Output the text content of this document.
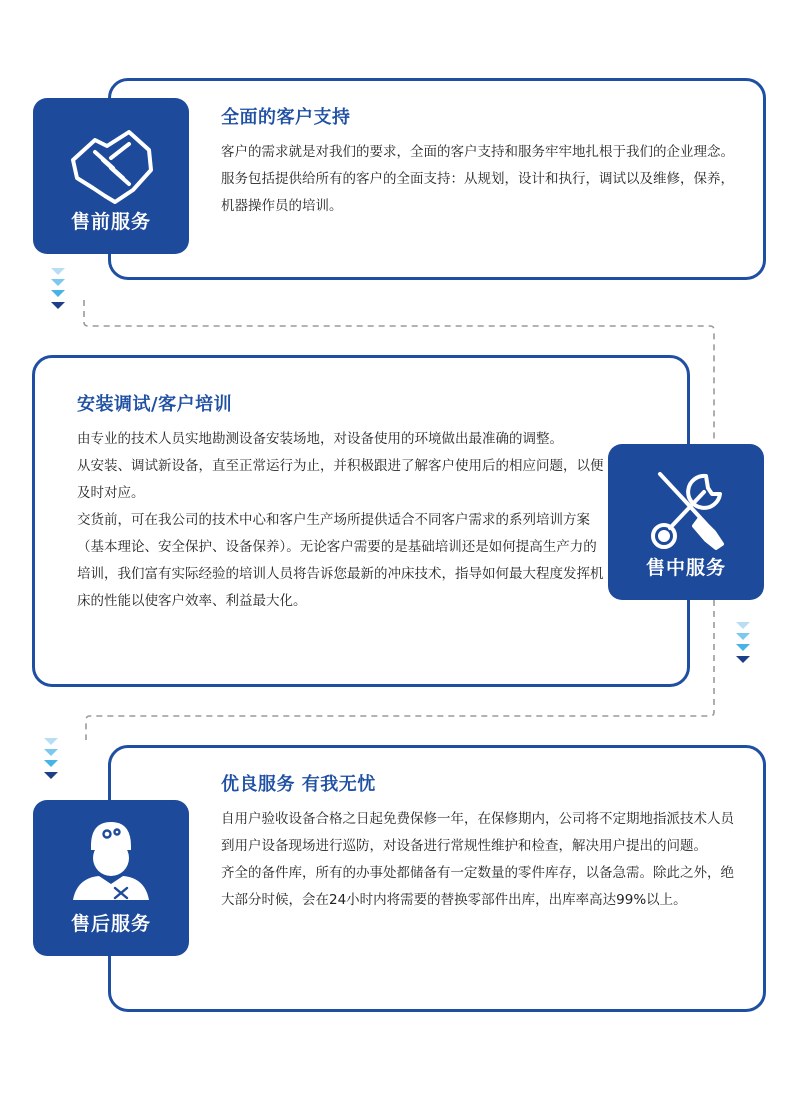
全面的客户支持

客户的需求就是对我们的要求，全面的客户支持和服务牢牢地扎根于我们的企业理念。

服务包括提供给所有的客户的全面支持：从规划，设计和执行，调试以及维修，保养，机器操作员的培训。

售前服务
安装调试/客户培训

由专业的技术人员实地勘测设备安装场地，对设备使用的环境做出最准确的调整。

从安装、调试新设备，直至正常运行为止，并积极跟进了解客户使用后的相应问题，以便及时对应。

交货前，可在我公司的技术中心和客户生产场所提供适合不同客户需求的系列培训方案（基本理论、安全保护、设备保养）。无论客户需要的是基础培训还是如何提高生产力的培训，我们富有实际经验的培训人员将告诉您最新的冲床技术，指导如何最大程度发挥机床的性能以使客户效率、利益最大化。

售中服务
优良服务 有我无忧

自用户验收设备合格之日起免费保修一年，在保修期内，公司将不定期地指派技术人员到用户设备现场进行巡防，对设备进行常规性维护和检查，解决用户提出的问题。

齐全的备件库，所有的办事处都储备有一定数量的零件库存，以备急需。除此之外，绝大部分时候，会在24小时内将需要的替换零部件出库，出库率高达99%以上。

售后服务
